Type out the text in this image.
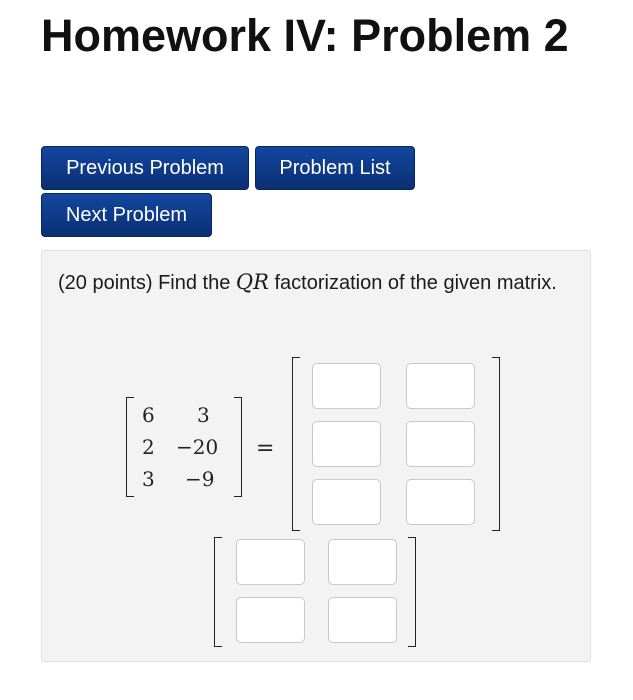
Homework IV: Problem 2
Previous Problem	Problem List
Next Problem

(20 points) Find the QR factorization of the given matrix.

6 3
2 −20
3 −9
=
